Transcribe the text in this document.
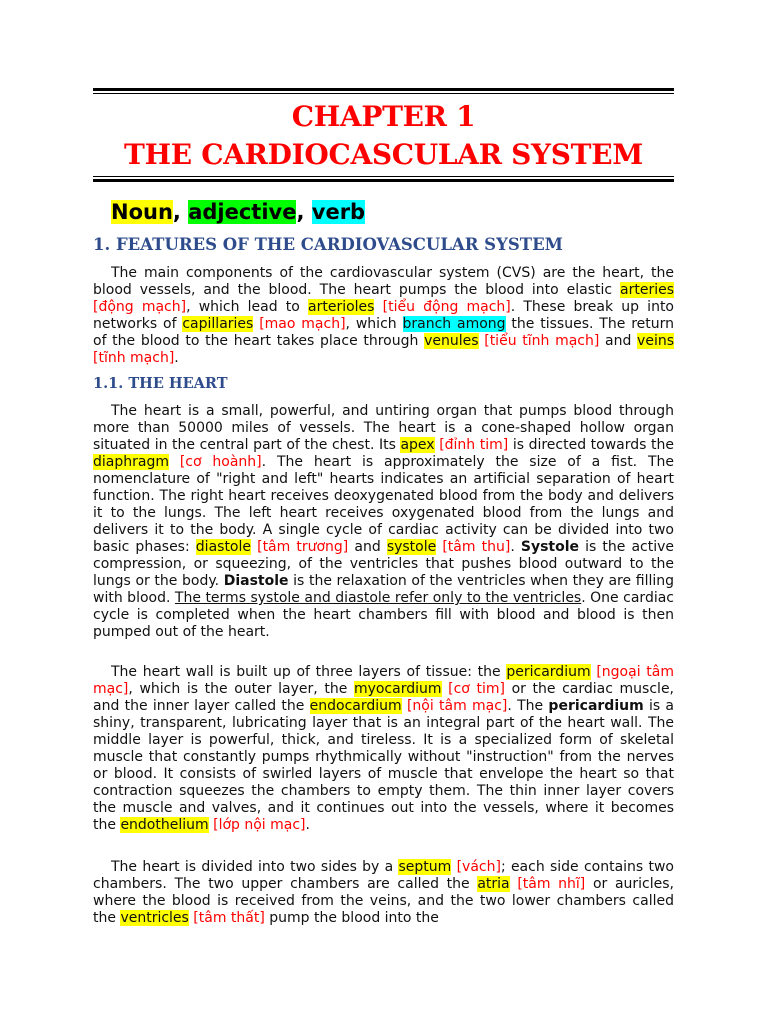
CHAPTER 1
THE CARDIOCASCULAR SYSTEM
Noun, adjective, verb
1. FEATURES OF THE CARDIOVASCULAR SYSTEM
The main components of the cardiovascular system (CVS) are the heart, the blood vessels, and the blood. The heart pumps the blood into elastic arteries [động mạch], which lead to arterioles [tiểu động mạch]. These break up into networks of capillaries [mao mạch], which branch among the tissues. The return of the blood to the heart takes place through venules [tiểu tĩnh mạch] and veins [tĩnh mạch].
1.1. THE HEART
The heart is a small, powerful, and untiring organ that pumps blood through more than 50000 miles of vessels. The heart is a cone-shaped hollow organ situated in the central part of the chest. Its apex [đỉnh tim] is directed towards the diaphragm [cơ hoành]. The heart is approximately the size of a fist. The nomenclature of "right and left" hearts indicates an artificial separation of heart function. The right heart receives deoxygenated blood from the body and delivers it to the lungs. The left heart receives oxygenated blood from the lungs and delivers it to the body. A single cycle of cardiac activity can be divided into two basic phases: diastole [tâm trương] and systole [tâm thu]. Systole is the active compression, or squeezing, of the ventricles that pushes blood outward to the lungs or the body. Diastole is the relaxation of the ventricles when they are filling with blood. The terms systole and diastole refer only to the ventricles. One cardiac cycle is completed when the heart chambers fill with blood and blood is then pumped out of the heart.
The heart wall is built up of three layers of tissue: the pericardium [ngoại tâm mạc], which is the outer layer, the myocardium [cơ tim] or the cardiac muscle, and the inner layer called the endocardium [nội tâm mạc]. The pericardium is a shiny, transparent, lubricating layer that is an integral part of the heart wall. The middle layer is powerful, thick, and tireless. It is a specialized form of skeletal muscle that constantly pumps rhythmically without "instruction" from the nerves or blood. It consists of swirled layers of muscle that envelope the heart so that contraction squeezes the chambers to empty them. The thin inner layer covers the muscle and valves, and it continues out into the vessels, where it becomes the endothelium [lớp nội mạc].
The heart is divided into two sides by a septum [vách]; each side contains two chambers. The two upper chambers are called the atria [tâm nhĩ] or auricles, where the blood is received from the veins, and the two lower chambers called the ventricles [tâm thất] pump the blood into the
